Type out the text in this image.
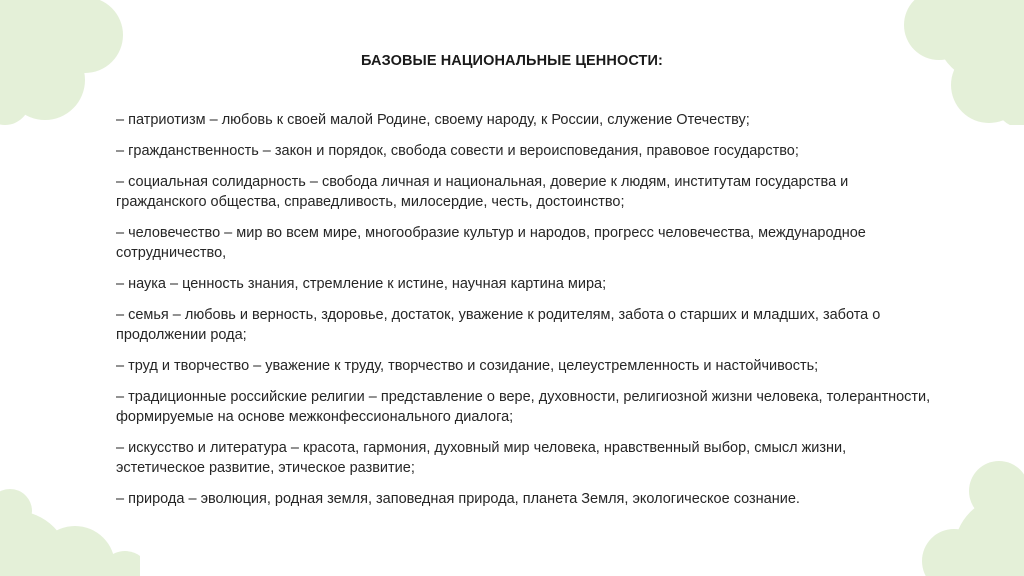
БАЗОВЫЕ НАЦИОНАЛЬНЫЕ ЦЕННОСТИ:

– патриотизм – любовь к своей малой Родине, своему народу, к России, служение Отечеству;

– гражданственность – закон и порядок, свобода совести и вероисповедания, правовое государство;

– социальная солидарность – свобода личная и национальная, доверие к людям, институтам государства и гражданского общества, справедливость, милосердие, честь, достоинство;

– человечество – мир во всем мире, многообразие культур и народов, прогресс человечества, международное сотрудничество,

– наука – ценность знания, стремление к истине, научная картина мира;

– семья – любовь и верность, здоровье, достаток, уважение к родителям, забота о старших и младших, забота о продолжении рода;

– труд и творчество – уважение к труду, творчество и созидание, целеустремленность и настойчивость;

– традиционные российские религии – представление о вере, духовности, религиозной жизни человека, толерантности, формируемые на основе межконфессионального диалога;

– искусство и литература – красота, гармония, духовный мир человека, нравственный выбор, смысл жизни, эстетическое развитие, этическое развитие;

– природа – эволюция, родная земля, заповедная природа, планета Земля, экологическое сознание.
